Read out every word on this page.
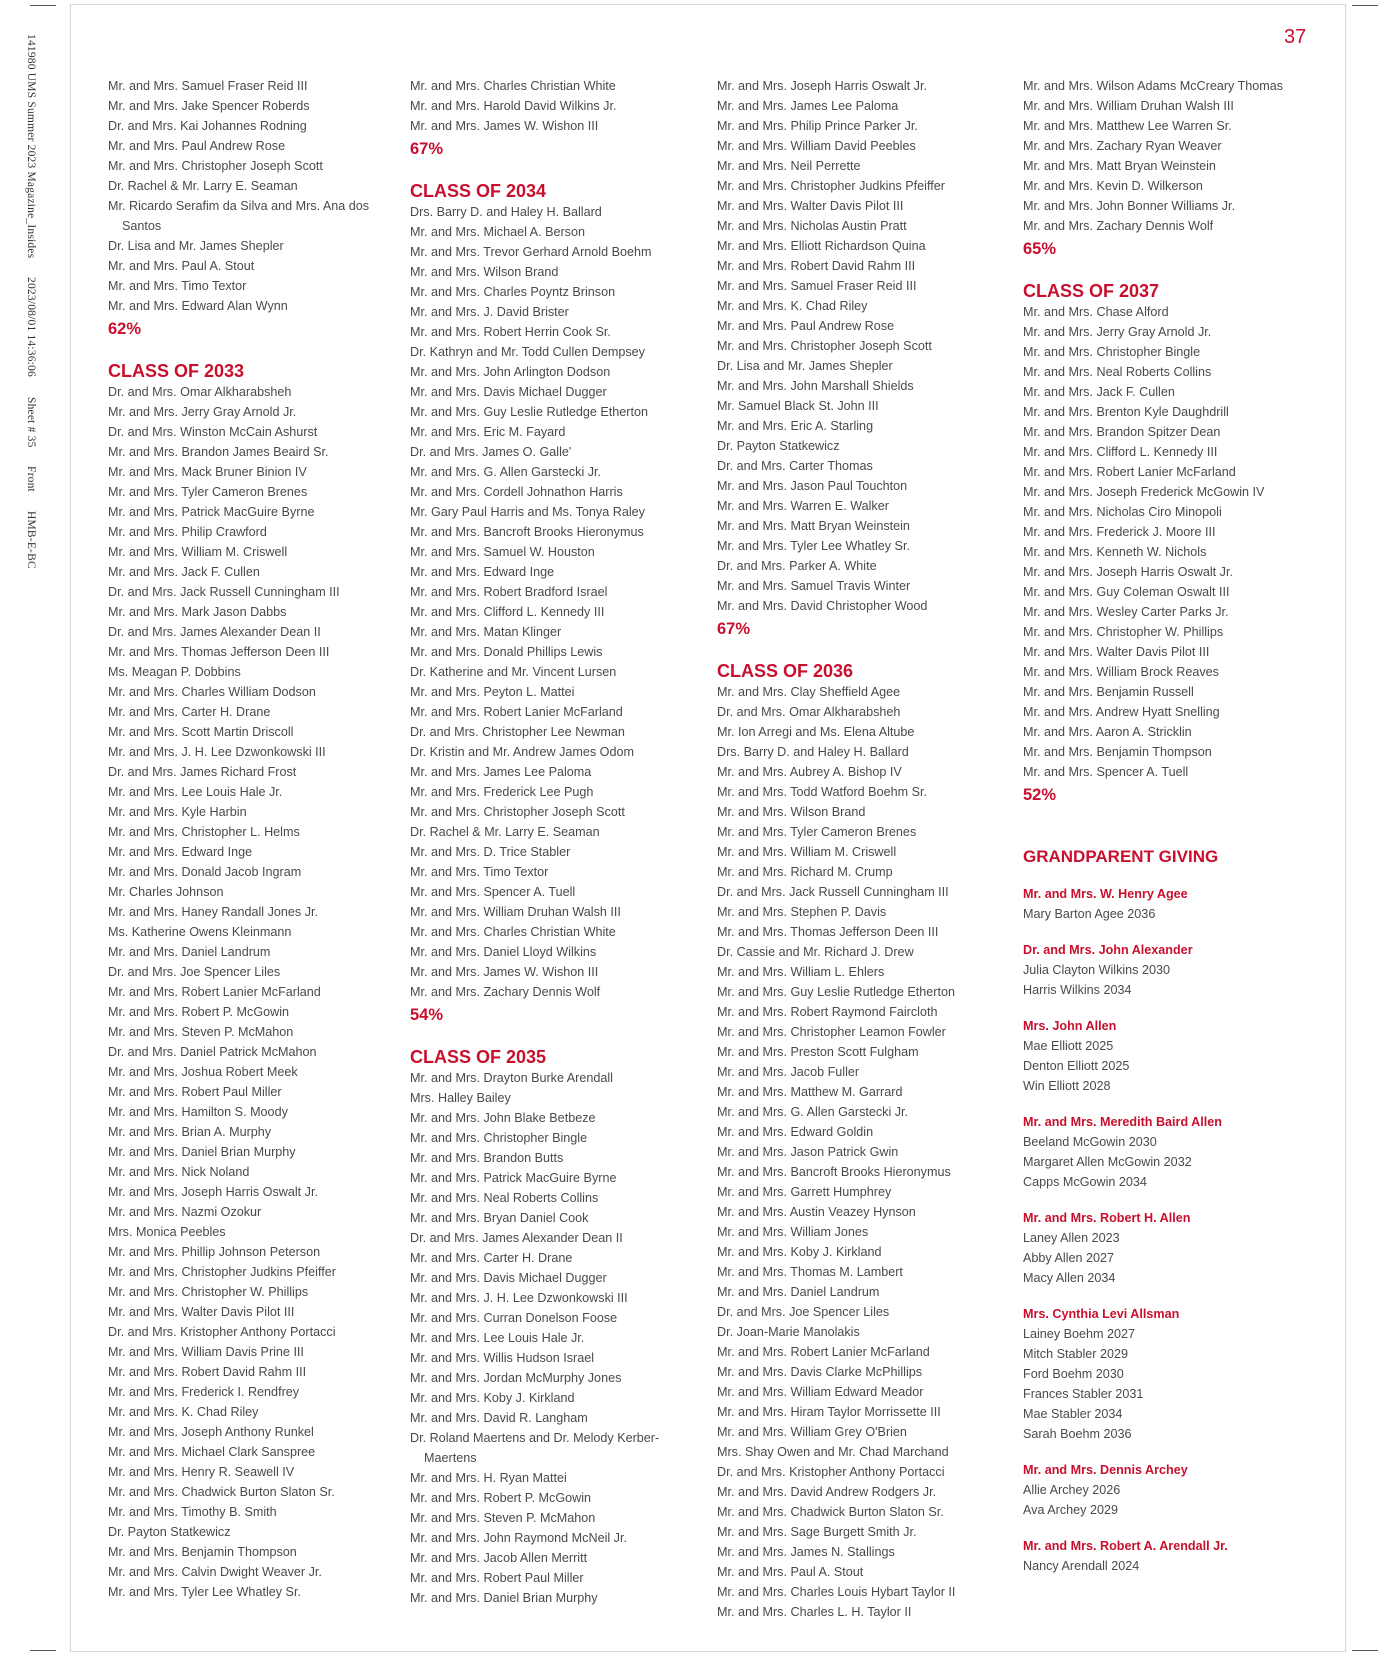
141980 UMS Summer 2023 Magazine_Insides 2023/08/01 14:36:06 Sheet # 35 Front HMB-E-BC
37
Mr. and Mrs. Samuel Fraser Reid III
Mr. and Mrs. Jake Spencer Roberds
Dr. and Mrs. Kai Johannes Rodning
Mr. and Mrs. Paul Andrew Rose
Mr. and Mrs. Christopher Joseph Scott
Dr. Rachel & Mr. Larry E. Seaman
Mr. Ricardo Serafim da Silva and Mrs. Ana dos
Santos
Dr. Lisa and Mr. James Shepler
Mr. and Mrs. Paul A. Stout
Mr. and Mrs. Timo Textor
Mr. and Mrs. Edward Alan Wynn
62%
CLASS OF 2033
Dr. and Mrs. Omar Alkharabsheh
Mr. and Mrs. Jerry Gray Arnold Jr.
Dr. and Mrs. Winston McCain Ashurst
Mr. and Mrs. Brandon James Beaird Sr.
Mr. and Mrs. Mack Bruner Binion IV
Mr. and Mrs. Tyler Cameron Brenes
Mr. and Mrs. Patrick MacGuire Byrne
Mr. and Mrs. Philip Crawford
Mr. and Mrs. William M. Criswell
Mr. and Mrs. Jack F. Cullen
Dr. and Mrs. Jack Russell Cunningham III
Mr. and Mrs. Mark Jason Dabbs
Dr. and Mrs. James Alexander Dean II
Mr. and Mrs. Thomas Jefferson Deen III
Ms. Meagan P. Dobbins
Mr. and Mrs. Charles William Dodson
Mr. and Mrs. Carter H. Drane
Mr. and Mrs. Scott Martin Driscoll
Mr. and Mrs. J. H. Lee Dzwonkowski III
Dr. and Mrs. James Richard Frost
Mr. and Mrs. Lee Louis Hale Jr.
Mr. and Mrs. Kyle Harbin
Mr. and Mrs. Christopher L. Helms
Mr. and Mrs. Edward Inge
Mr. and Mrs. Donald Jacob Ingram
Mr. Charles Johnson
Mr. and Mrs. Haney Randall Jones Jr.
Ms. Katherine Owens Kleinmann
Mr. and Mrs. Daniel Landrum
Dr. and Mrs. Joe Spencer Liles
Mr. and Mrs. Robert Lanier McFarland
Mr. and Mrs. Robert P. McGowin
Mr. and Mrs. Steven P. McMahon
Dr. and Mrs. Daniel Patrick McMahon
Mr. and Mrs. Joshua Robert Meek
Mr. and Mrs. Robert Paul Miller
Mr. and Mrs. Hamilton S. Moody
Mr. and Mrs. Brian A. Murphy
Mr. and Mrs. Daniel Brian Murphy
Mr. and Mrs. Nick Noland
Mr. and Mrs. Joseph Harris Oswalt Jr.
Mr. and Mrs. Nazmi Ozokur
Mrs. Monica Peebles
Mr. and Mrs. Phillip Johnson Peterson
Mr. and Mrs. Christopher Judkins Pfeiffer
Mr. and Mrs. Christopher W. Phillips
Mr. and Mrs. Walter Davis Pilot III
Dr. and Mrs. Kristopher Anthony Portacci
Mr. and Mrs. William Davis Prine III
Mr. and Mrs. Robert David Rahm III
Mr. and Mrs. Frederick I. Rendfrey
Mr. and Mrs. K. Chad Riley
Mr. and Mrs. Joseph Anthony Runkel
Mr. and Mrs. Michael Clark Sanspree
Mr. and Mrs. Henry R. Seawell IV
Mr. and Mrs. Chadwick Burton Slaton Sr.
Mr. and Mrs. Timothy B. Smith
Dr. Payton Statkewicz
Mr. and Mrs. Benjamin Thompson
Mr. and Mrs. Calvin Dwight Weaver Jr.
Mr. and Mrs. Tyler Lee Whatley Sr.
Mr. and Mrs. Charles Christian White
Mr. and Mrs. Harold David Wilkins Jr.
Mr. and Mrs. James W. Wishon III
67%
CLASS OF 2034
Drs. Barry D. and Haley H. Ballard
Mr. and Mrs. Michael A. Berson
Mr. and Mrs. Trevor Gerhard Arnold Boehm
Mr. and Mrs. Wilson Brand
Mr. and Mrs. Charles Poyntz Brinson
Mr. and Mrs. J. David Brister
Mr. and Mrs. Robert Herrin Cook Sr.
Dr. Kathryn and Mr. Todd Cullen Dempsey
Mr. and Mrs. John Arlington Dodson
Mr. and Mrs. Davis Michael Dugger
Mr. and Mrs. Guy Leslie Rutledge Etherton
Mr. and Mrs. Eric M. Fayard
Dr. and Mrs. James O. Galle'
Mr. and Mrs. G. Allen Garstecki Jr.
Mr. and Mrs. Cordell Johnathon Harris
Mr. Gary Paul Harris and Ms. Tonya Raley
Mr. and Mrs. Bancroft Brooks Hieronymus
Mr. and Mrs. Samuel W. Houston
Mr. and Mrs. Edward Inge
Mr. and Mrs. Robert Bradford Israel
Mr. and Mrs. Clifford L. Kennedy III
Mr. and Mrs. Matan Klinger
Mr. and Mrs. Donald Phillips Lewis
Dr. Katherine and Mr. Vincent Lursen
Mr. and Mrs. Peyton L. Mattei
Mr. and Mrs. Robert Lanier McFarland
Dr. and Mrs. Christopher Lee Newman
Dr. Kristin and Mr. Andrew James Odom
Mr. and Mrs. James Lee Paloma
Mr. and Mrs. Frederick Lee Pugh
Mr. and Mrs. Christopher Joseph Scott
Dr. Rachel & Mr. Larry E. Seaman
Mr. and Mrs. D. Trice Stabler
Mr. and Mrs. Timo Textor
Mr. and Mrs. Spencer A. Tuell
Mr. and Mrs. William Druhan Walsh III
Mr. and Mrs. Charles Christian White
Mr. and Mrs. Daniel Lloyd Wilkins
Mr. and Mrs. James W. Wishon III
Mr. and Mrs. Zachary Dennis Wolf
54%
CLASS OF 2035
Mr. and Mrs. Drayton Burke Arendall
Mrs. Halley Bailey
Mr. and Mrs. John Blake Betbeze
Mr. and Mrs. Christopher Bingle
Mr. and Mrs. Brandon Butts
Mr. and Mrs. Patrick MacGuire Byrne
Mr. and Mrs. Neal Roberts Collins
Mr. and Mrs. Bryan Daniel Cook
Dr. and Mrs. James Alexander Dean II
Mr. and Mrs. Carter H. Drane
Mr. and Mrs. Davis Michael Dugger
Mr. and Mrs. J. H. Lee Dzwonkowski III
Mr. and Mrs. Curran Donelson Foose
Mr. and Mrs. Lee Louis Hale Jr.
Mr. and Mrs. Willis Hudson Israel
Mr. and Mrs. Jordan McMurphy Jones
Mr. and Mrs. Koby J. Kirkland
Mr. and Mrs. David R. Langham
Dr. Roland Maertens and Dr. Melody Kerber-
Maertens
Mr. and Mrs. H. Ryan Mattei
Mr. and Mrs. Robert P. McGowin
Mr. and Mrs. Steven P. McMahon
Mr. and Mrs. John Raymond McNeil Jr.
Mr. and Mrs. Jacob Allen Merritt
Mr. and Mrs. Robert Paul Miller
Mr. and Mrs. Daniel Brian Murphy
Mr. and Mrs. Joseph Harris Oswalt Jr.
Mr. and Mrs. James Lee Paloma
Mr. and Mrs. Philip Prince Parker Jr.
Mr. and Mrs. William David Peebles
Mr. and Mrs. Neil Perrette
Mr. and Mrs. Christopher Judkins Pfeiffer
Mr. and Mrs. Walter Davis Pilot III
Mr. and Mrs. Nicholas Austin Pratt
Mr. and Mrs. Elliott Richardson Quina
Mr. and Mrs. Robert David Rahm III
Mr. and Mrs. Samuel Fraser Reid III
Mr. and Mrs. K. Chad Riley
Mr. and Mrs. Paul Andrew Rose
Mr. and Mrs. Christopher Joseph Scott
Dr. Lisa and Mr. James Shepler
Mr. and Mrs. John Marshall Shields
Mr. Samuel Black St. John III
Mr. and Mrs. Eric A. Starling
Dr. Payton Statkewicz
Dr. and Mrs. Carter Thomas
Mr. and Mrs. Jason Paul Touchton
Mr. and Mrs. Warren E. Walker
Mr. and Mrs. Matt Bryan Weinstein
Mr. and Mrs. Tyler Lee Whatley Sr.
Dr. and Mrs. Parker A. White
Mr. and Mrs. Samuel Travis Winter
Mr. and Mrs. David Christopher Wood
67%
CLASS OF 2036
Mr. and Mrs. Clay Sheffield Agee
Dr. and Mrs. Omar Alkharabsheh
Mr. Ion Arregi and Ms. Elena Altube
Drs. Barry D. and Haley H. Ballard
Mr. and Mrs. Aubrey A. Bishop IV
Mr. and Mrs. Todd Watford Boehm Sr.
Mr. and Mrs. Wilson Brand
Mr. and Mrs. Tyler Cameron Brenes
Mr. and Mrs. William M. Criswell
Mr. and Mrs. Richard M. Crump
Dr. and Mrs. Jack Russell Cunningham III
Mr. and Mrs. Stephen P. Davis
Mr. and Mrs. Thomas Jefferson Deen III
Dr. Cassie and Mr. Richard J. Drew
Mr. and Mrs. William L. Ehlers
Mr. and Mrs. Guy Leslie Rutledge Etherton
Mr. and Mrs. Robert Raymond Faircloth
Mr. and Mrs. Christopher Leamon Fowler
Mr. and Mrs. Preston Scott Fulgham
Mr. and Mrs. Jacob Fuller
Mr. and Mrs. Matthew M. Garrard
Mr. and Mrs. G. Allen Garstecki Jr.
Mr. and Mrs. Edward Goldin
Mr. and Mrs. Jason Patrick Gwin
Mr. and Mrs. Bancroft Brooks Hieronymus
Mr. and Mrs. Garrett Humphrey
Mr. and Mrs. Austin Veazey Hynson
Mr. and Mrs. William Jones
Mr. and Mrs. Koby J. Kirkland
Mr. and Mrs. Thomas M. Lambert
Mr. and Mrs. Daniel Landrum
Dr. and Mrs. Joe Spencer Liles
Dr. Joan-Marie Manolakis
Mr. and Mrs. Robert Lanier McFarland
Mr. and Mrs. Davis Clarke McPhillips
Mr. and Mrs. William Edward Meador
Mr. and Mrs. Hiram Taylor Morrissette III
Mr. and Mrs. William Grey O'Brien
Mrs. Shay Owen and Mr. Chad Marchand
Dr. and Mrs. Kristopher Anthony Portacci
Mr. and Mrs. David Andrew Rodgers Jr.
Mr. and Mrs. Chadwick Burton Slaton Sr.
Mr. and Mrs. Sage Burgett Smith Jr.
Mr. and Mrs. James N. Stallings
Mr. and Mrs. Paul A. Stout
Mr. and Mrs. Charles Louis Hybart Taylor II
Mr. and Mrs. Charles L. H. Taylor II
Mr. and Mrs. Wilson Adams McCreary Thomas
Mr. and Mrs. William Druhan Walsh III
Mr. and Mrs. Matthew Lee Warren Sr.
Mr. and Mrs. Zachary Ryan Weaver
Mr. and Mrs. Matt Bryan Weinstein
Mr. and Mrs. Kevin D. Wilkerson
Mr. and Mrs. John Bonner Williams Jr.
Mr. and Mrs. Zachary Dennis Wolf
65%
CLASS OF 2037
Mr. and Mrs. Chase Alford
Mr. and Mrs. Jerry Gray Arnold Jr.
Mr. and Mrs. Christopher Bingle
Mr. and Mrs. Neal Roberts Collins
Mr. and Mrs. Jack F. Cullen
Mr. and Mrs. Brenton Kyle Daughdrill
Mr. and Mrs. Brandon Spitzer Dean
Mr. and Mrs. Clifford L. Kennedy III
Mr. and Mrs. Robert Lanier McFarland
Mr. and Mrs. Joseph Frederick McGowin IV
Mr. and Mrs. Nicholas Ciro Minopoli
Mr. and Mrs. Frederick J. Moore III
Mr. and Mrs. Kenneth W. Nichols
Mr. and Mrs. Joseph Harris Oswalt Jr.
Mr. and Mrs. Guy Coleman Oswalt III
Mr. and Mrs. Wesley Carter Parks Jr.
Mr. and Mrs. Christopher W. Phillips
Mr. and Mrs. Walter Davis Pilot III
Mr. and Mrs. William Brock Reaves
Mr. and Mrs. Benjamin Russell
Mr. and Mrs. Andrew Hyatt Snelling
Mr. and Mrs. Aaron A. Stricklin
Mr. and Mrs. Benjamin Thompson
Mr. and Mrs. Spencer A. Tuell
52%
GRANDPARENT GIVING
Mr. and Mrs. W. Henry Agee
Mary Barton Agee 2036
Dr. and Mrs. John Alexander
Julia Clayton Wilkins 2030
Harris Wilkins 2034
Mrs. John Allen
Mae Elliott 2025
Denton Elliott 2025
Win Elliott 2028
Mr. and Mrs. Meredith Baird Allen
Beeland McGowin 2030
Margaret Allen McGowin 2032
Capps McGowin 2034
Mr. and Mrs. Robert H. Allen
Laney Allen 2023
Abby Allen 2027
Macy Allen 2034
Mrs. Cynthia Levi Allsman
Lainey Boehm 2027
Mitch Stabler 2029
Ford Boehm 2030
Frances Stabler 2031
Mae Stabler 2034
Sarah Boehm 2036
Mr. and Mrs. Dennis Archey
Allie Archey 2026
Ava Archey 2029
Mr. and Mrs. Robert A. Arendall Jr.
Nancy Arendall 2024
